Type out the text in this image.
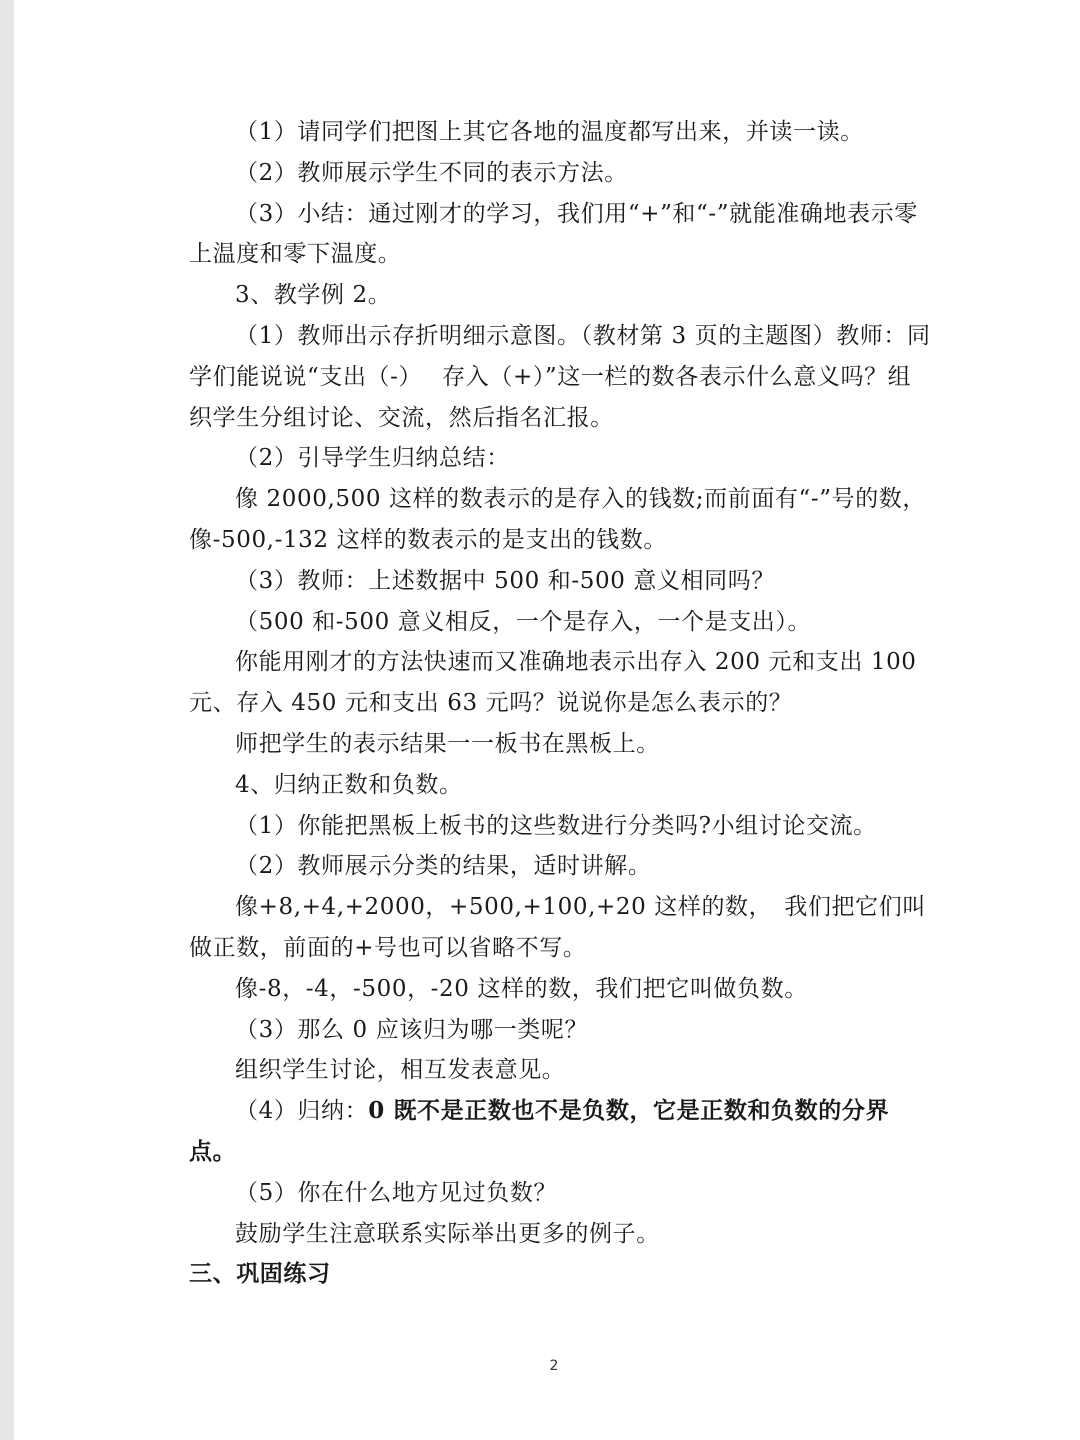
（1）请同学们把图上其它各地的温度都写出来，并读一读。

（2）教师展示学生不同的表示方法。

（3）小结：通过刚才的学习，我们用“+”和“-”就能准确地表示零上温度和零下温度。

3、教学例 2。

（1）教师出示存折明细示意图。（教材第 3 页的主题图）教师：同学们能说说“支出（-）　 存入（+）”这一栏的数各表示什么意义吗？组织学生分组讨论、交流，然后指名汇报。

（2）引导学生归纳总结：

像 2000,500 这样的数表示的是存入的钱数;而前面有“-”号的数，像-500,-132 这样的数表示的是支出的钱数。

（3）教师：上述数据中 500 和-500 意义相同吗？

（500 和-500 意义相反，一个是存入，一个是支出）。

你能用刚才的方法快速而又准确地表示出存入 200 元和支出 100 元、存入 450 元和支出 63 元吗？说说你是怎么表示的？

师把学生的表示结果一一板书在黑板上。

4、归纳正数和负数。

（1）你能把黑板上板书的这些数进行分类吗?小组讨论交流。

（2）教师展示分类的结果，适时讲解。

像+8,+4,+2000，+500,+100,+20 这样的数，　我们把它们叫做正数，前面的+号也可以省略不写。

像-8，-4，-500，-20 这样的数，我们把它叫做负数。

（3）那么 0 应该归为哪一类呢？

组织学生讨论，相互发表意见。

（4）归纳：0 既不是正数也不是负数，它是正数和负数的分界点。

（5）你在什么地方见过负数？

鼓励学生注意联系实际举出更多的例子。

三、巩固练习

2
